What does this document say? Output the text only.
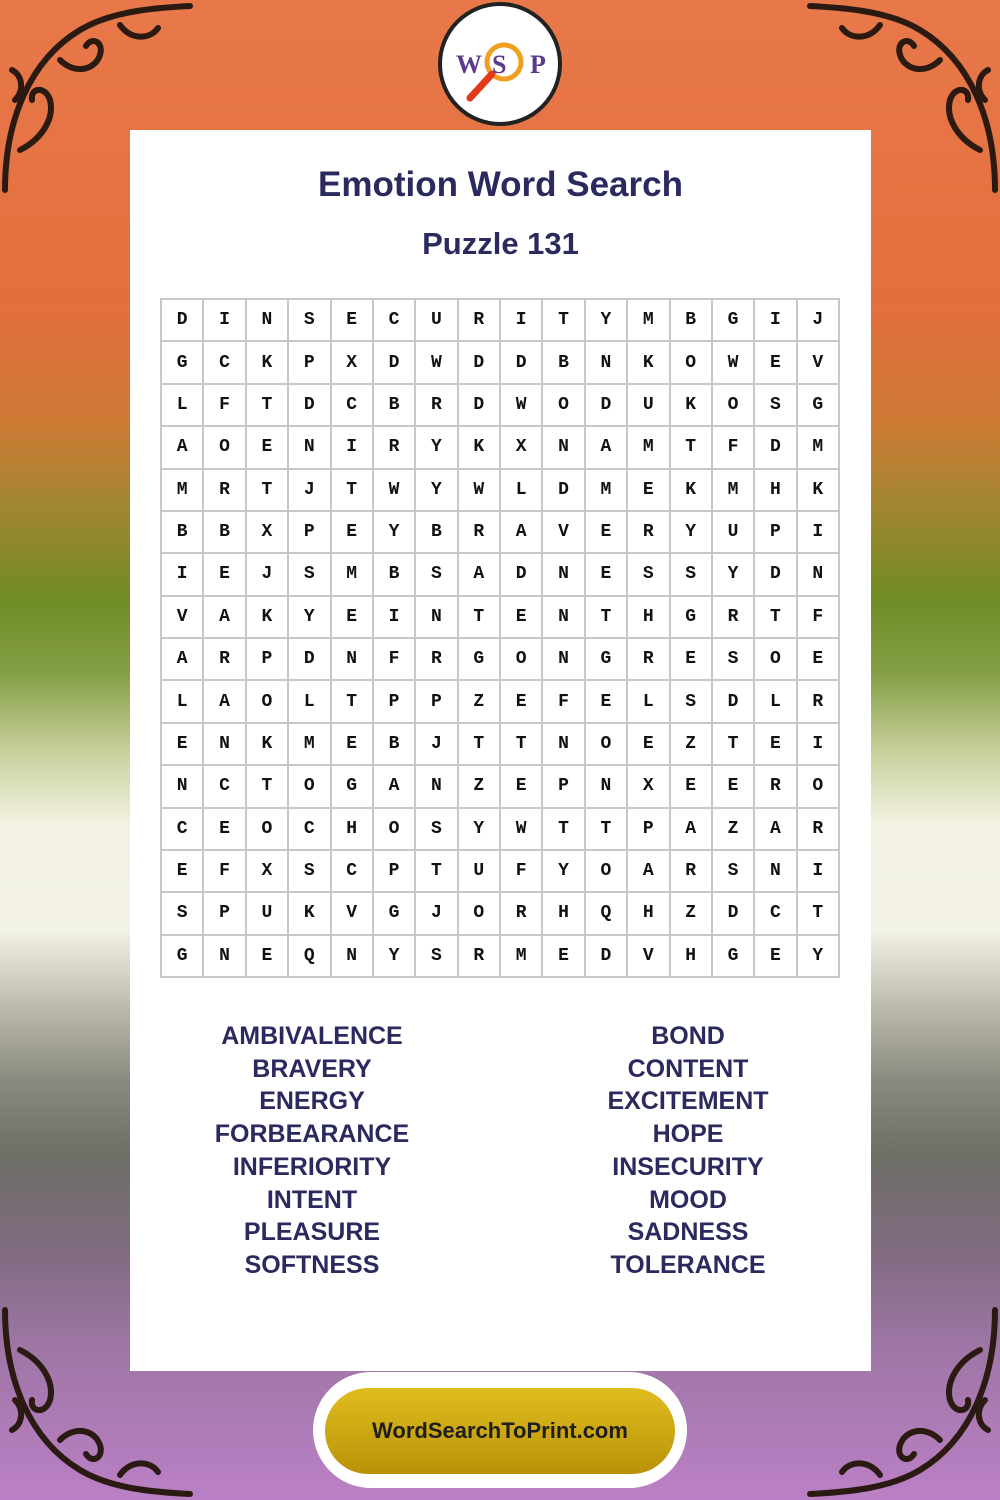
W S P
Emotion Word Search
Puzzle 131
D	I	N	S	E	C	U	R	I	T	Y	M	B	G	I	J
G	C	K	P	X	D	W	D	D	B	N	K	O	W	E	V
L	F	T	D	C	B	R	D	W	O	D	U	K	O	S	G
A	O	E	N	I	R	Y	K	X	N	A	M	T	F	D	M
M	R	T	J	T	W	Y	W	L	D	M	E	K	M	H	K
B	B	X	P	E	Y	B	R	A	V	E	R	Y	U	P	I
I	E	J	S	M	B	S	A	D	N	E	S	S	Y	D	N
V	A	K	Y	E	I	N	T	E	N	T	H	G	R	T	F
A	R	P	D	N	F	R	G	O	N	G	R	E	S	O	E
L	A	O	L	T	P	P	Z	E	F	E	L	S	D	L	R
E	N	K	M	E	B	J	T	T	N	O	E	Z	T	E	I
N	C	T	O	G	A	N	Z	E	P	N	X	E	E	R	O
C	E	O	C	H	O	S	Y	W	T	T	P	A	Z	A	R
E	F	X	S	C	P	T	U	F	Y	O	A	R	S	N	I
S	P	U	K	V	G	J	O	R	H	Q	H	Z	D	C	T
G	N	E	Q	N	Y	S	R	M	E	D	V	H	G	E	Y
AMBIVALENCE
BRAVERY
ENERGY
FORBEARANCE
INFERIORITY
INTENT
PLEASURE
SOFTNESS
BOND
CONTENT
EXCITEMENT
HOPE
INSECURITY
MOOD
SADNESS
TOLERANCE
WordSearchToPrint.com
